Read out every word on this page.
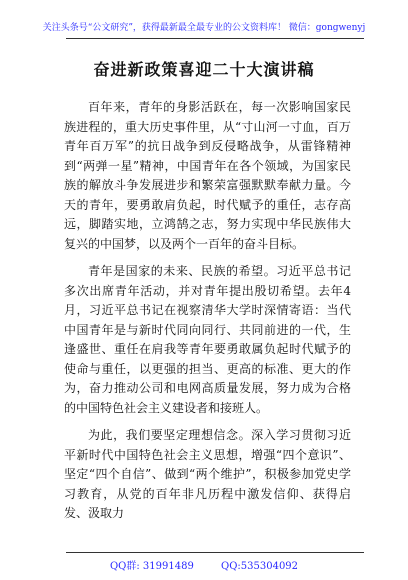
关注头条号“公文研究”，获得最新最全最专业的公文资料库！ 微信：gongwenyj
奋进新政策喜迎二十大演讲稿

百年来，青年的身影活跃在，每一次影响国家民族进程的，重大历史事件里，从“寸山河一寸血，百万青年百万军”的抗日战争到反侵略战争，从雷锋精神到“两弹一星”精神，中国青年在各个领域，为国家民族的解放斗争发展进步和繁荣富强默默奉献力量。今天的青年，要勇敢肩负起，时代赋予的重任，志存高远，脚踏实地，立鸿鹄之志，努力实现中华民族伟大复兴的中国梦，以及两个一百年的奋斗目标。

青年是国家的未来、民族的希望。习近平总书记多次出席青年活动，并对青年提出殷切希望。去年4月，习近平总书记在视察清华大学时深情寄语：当代中国青年是与新时代同向同行、共同前进的一代，生逢盛世、重任在肩我等青年要勇敢属负起时代赋予的使命与重任，以更强的担当、更高的标准、更大的作为，奋力推动公司和电网高质量发展，努力成为合格的中国特色社会主义建设者和接班人。

为此，我们要坚定理想信念。深入学习贯彻习近平新时代中国特色社会主义思想，增强“四个意识”、坚定“四个自信”、做到“两个维护”，积极参加党史学习教育，从党的百年非凡历程中激发信仰、获得启发、汲取力

QQ群: 31991489	QQ:535304092
